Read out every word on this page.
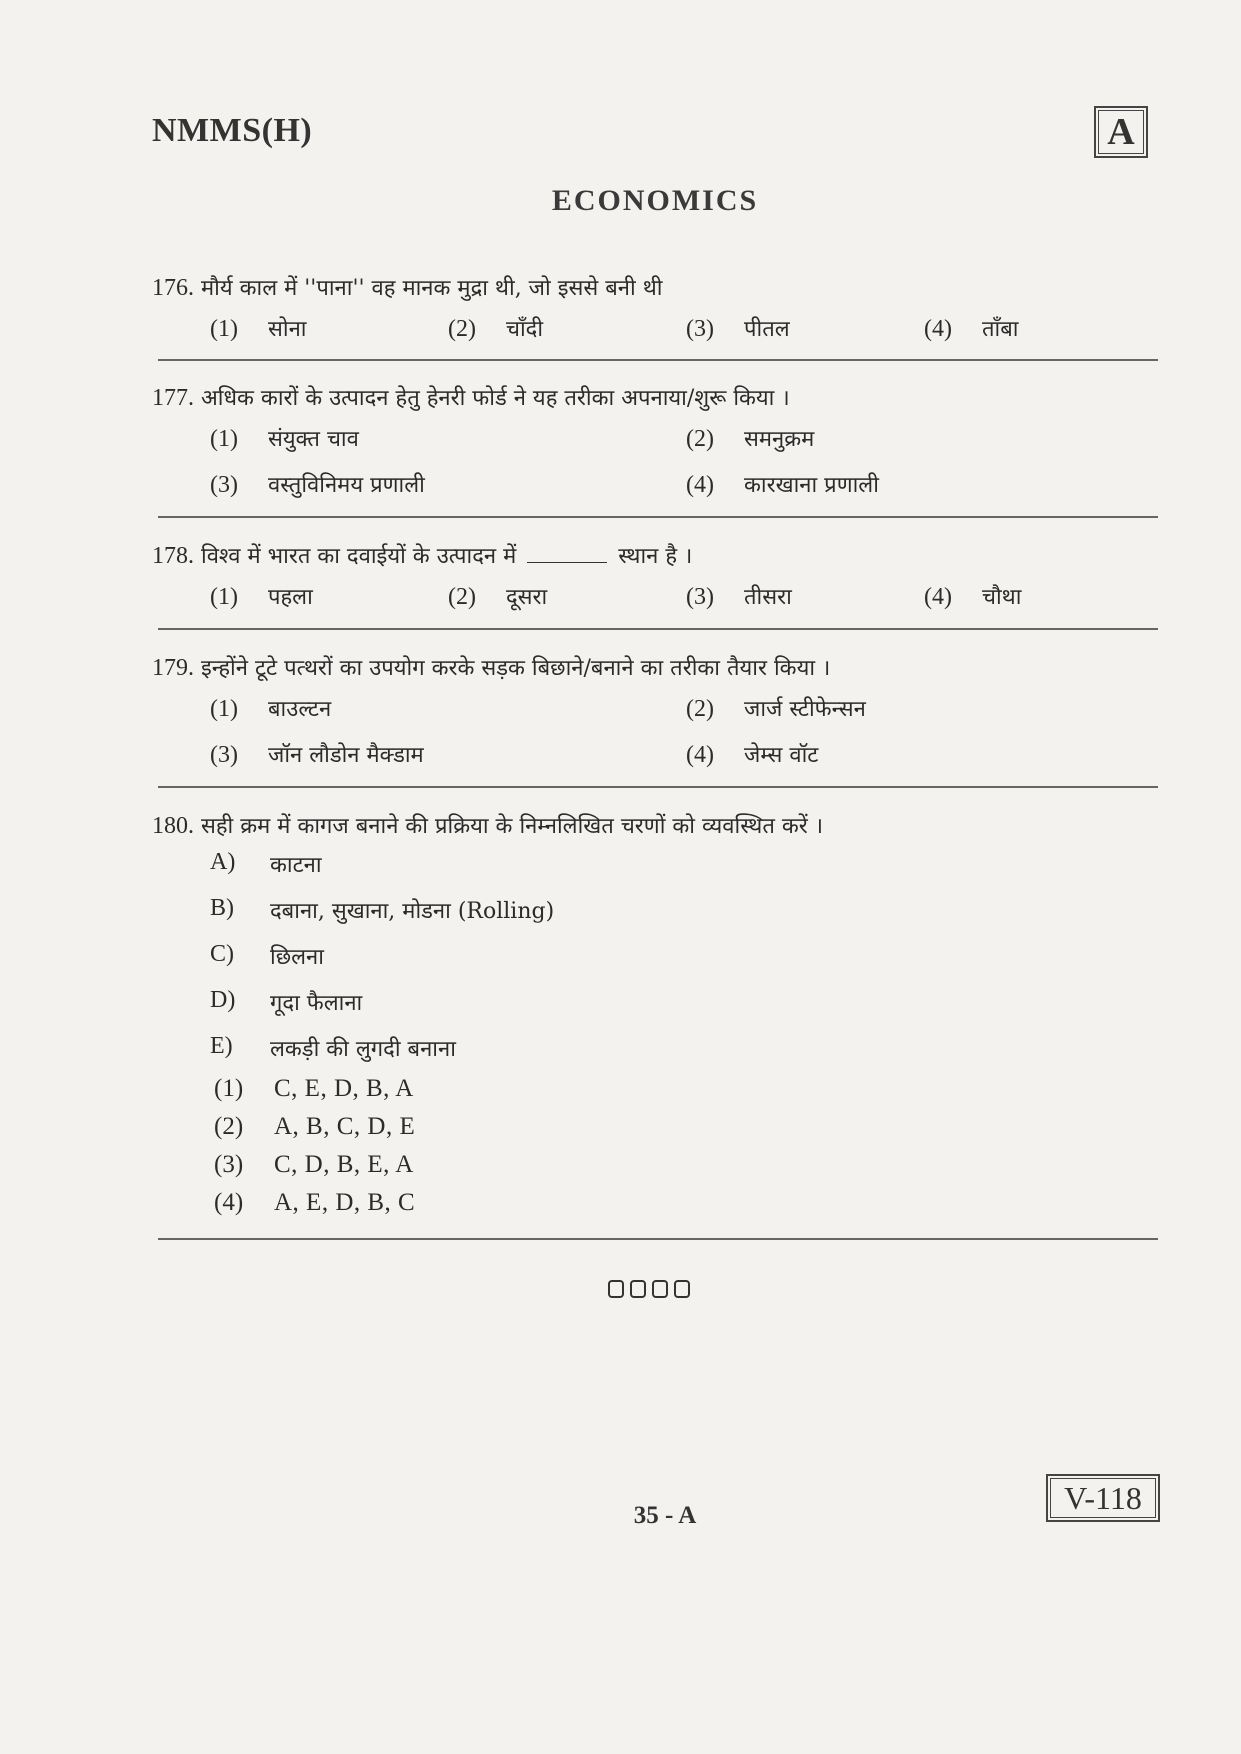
NMMS(H)	A
ECONOMICS
176. मौर्य काल में ''पाना'' वह मानक मुद्रा थी, जो इससे बनी थी
(1) सोना	(2) चाँदी	(3) पीतल	(4) ताँबा
177. अधिक कारों के उत्पादन हेतु हेनरी फोर्ड ने यह तरीका अपनाया/शुरू किया ।
(1) संयुक्त चाव	(2) समनुक्रम
(3) वस्तुविनिमय प्रणाली	(4) कारखाना प्रणाली
178. विश्व में भारत का दवाईयों के उत्पादन में	स्थान है ।
(1) पहला	(2) दूसरा	(3) तीसरा	(4) चौथा
179. इन्होंने टूटे पत्थरों का उपयोग करके सड़क बिछाने/बनाने का तरीका तैयार किया ।
(1) बाउल्टन	(2) जार्ज स्टीफेन्सन
(3) जॉन लौडोन मैक्डाम	(4) जेम्स वॉट
180. सही क्रम में कागज बनाने की प्रक्रिया के निम्नलिखित चरणों को व्यवस्थित करें ।
A) काटना
B) दबाना, सुखाना, मोडना (Rolling)
C) छिलना
D) गूदा फैलाना
E) लकड़ी की लुगदी बनाना
(1) C, E, D, B, A
(2) A, B, C, D, E
(3) C, D, B, E, A
(4) A, E, D, B, C
V-118
35 - A
